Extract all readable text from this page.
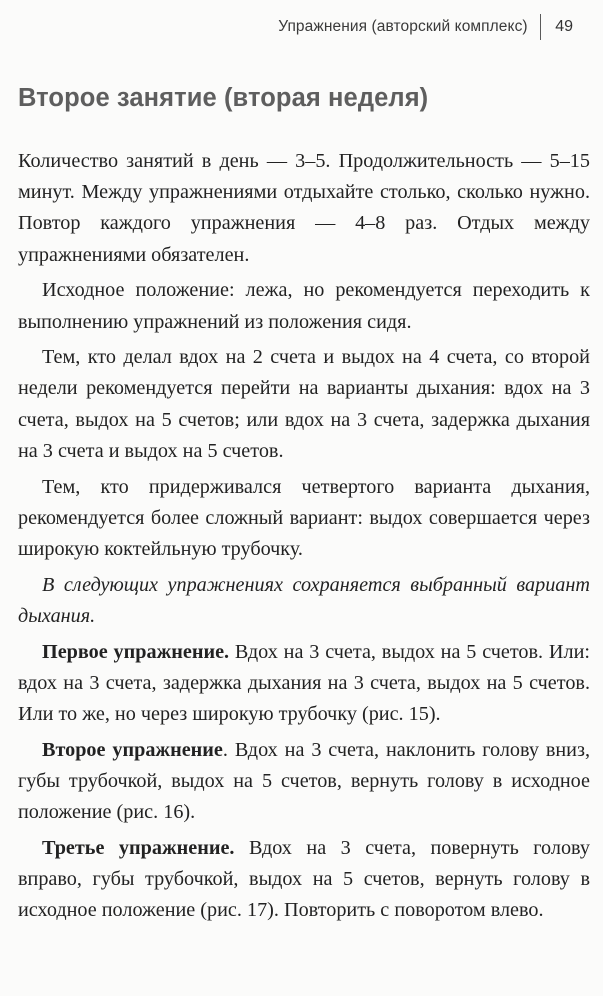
Упражнения (авторский комплекс) 49
Второе занятие (вторая неделя)

Количество занятий в день — 3–5. Продолжительность — 5–15 минут. Между упражнениями отдыхайте столько, сколько нужно. Повтор каждого упражнения — 4–8 раз. Отдых между упражнениями обязателен.

Исходное положение: лежа, но рекомендуется переходить к выполнению упражнений из положения сидя.

Тем, кто делал вдох на 2 счета и выдох на 4 счета, со второй недели рекомендуется перейти на варианты дыхания: вдох на 3 счета, выдох на 5 счетов; или вдох на 3 счета, задержка дыхания на 3 счета и выдох на 5 счетов.

Тем, кто придерживался четвертого варианта дыхания, рекомендуется более сложный вариант: выдох совершается через широкую коктейльную трубочку.

В следующих упражнениях сохраняется выбранный вариант дыхания.

Первое упражнение. Вдох на 3 счета, выдох на 5 счетов. Или: вдох на 3 счета, задержка дыхания на 3 счета, выдох на 5 счетов. Или то же, но через широкую трубочку (рис. 15).

Второе упражнение. Вдох на 3 счета, наклонить голову вниз, губы трубочкой, выдох на 5 счетов, вернуть голову в исходное положение (рис. 16).

Третье упражнение. Вдох на 3 счета, повернуть голову вправо, губы трубочкой, выдох на 5 счетов, вернуть голову в исходное положение (рис. 17). Повторить с поворотом влево.
